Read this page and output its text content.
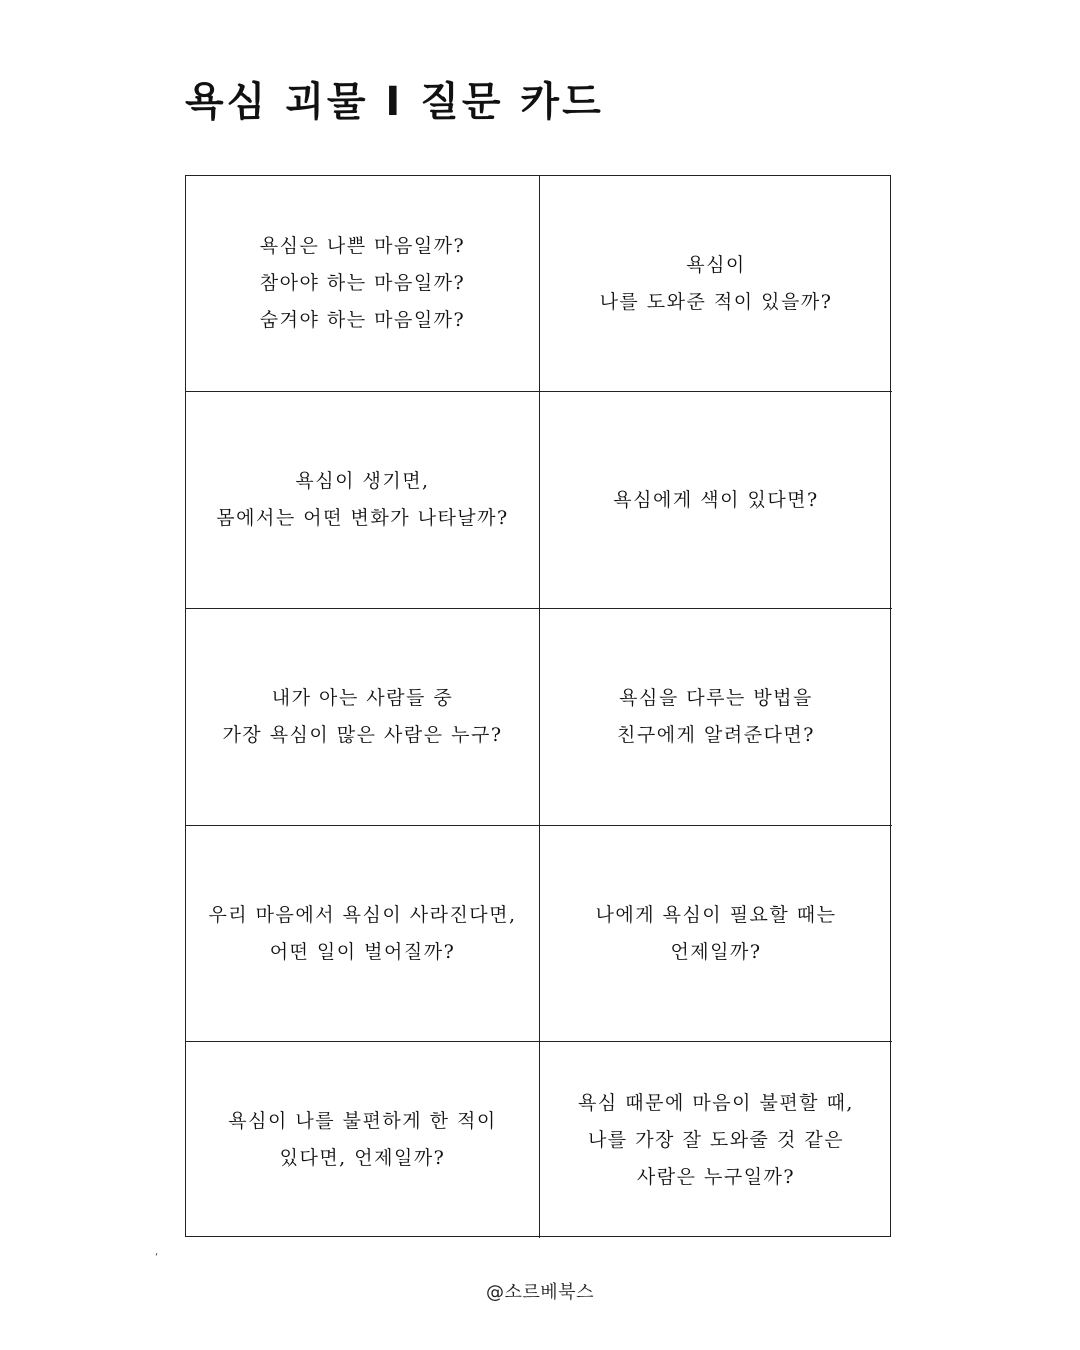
욕심 괴물 I 질문 카드
욕심은 나쁜 마음일까?
참아야 하는 마음일까?
숨겨야 하는 마음일까?
욕심이
나를 도와준 적이 있을까?
욕심이 생기면,
몸에서는 어떤 변화가 나타날까?
욕심에게 색이 있다면?
내가 아는 사람들 중
가장 욕심이 많은 사람은 누구?
욕심을 다루는 방법을
친구에게 알려준다면?
우리 마음에서 욕심이 사라진다면,
어떤 일이 벌어질까?
나에게 욕심이 필요할 때는
언제일까?
욕심이 나를 불편하게 한 적이
있다면, 언제일까?
욕심 때문에 마음이 불편할 때,
나를 가장 잘 도와줄 것 같은
사람은 누구일까?
‘
@소르베북스
